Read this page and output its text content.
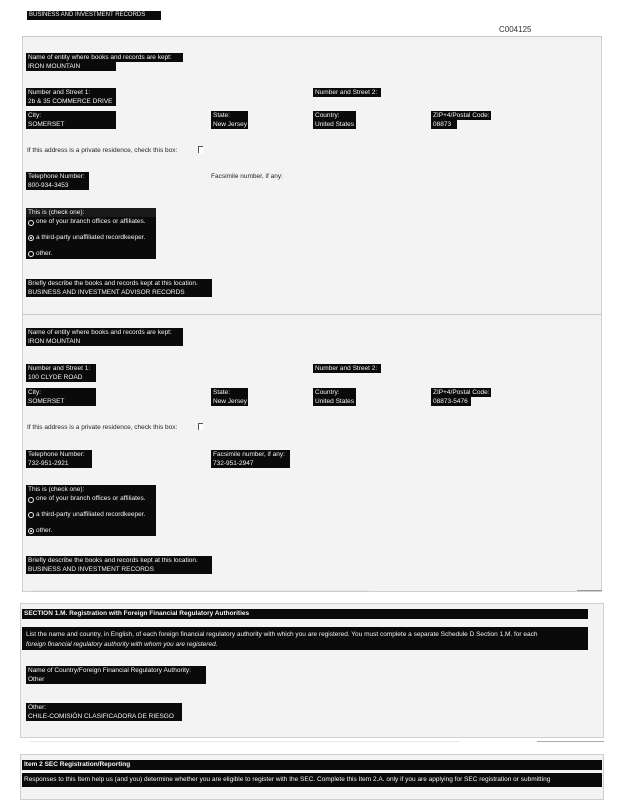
BUSINESS AND INVESTMENT RECORDS
C004125
Name of entity where books and records are kept:
IRON MOUNTAIN
Number and Street 1:
2b & 35 COMMERCE DRIVE
Number and Street 2:
City:
SOMERSET
State:
New Jersey
Country:
United States
ZIP+4/Postal Code:
08873
If this address is a private residence, check this box:
Telephone Number:
800-934-3453
Facsimile number, if any:
This is (check one):
one of your branch offices or affiliates.
a third-party unaffiliated recordkeeper.
other.
Briefly describe the books and records kept at this location.
BUSINESS AND INVESTMENT ADVISOR RECORDS
Name of entity where books and records are kept:
IRON MOUNTAIN
Number and Street 1:
100 CLYDE ROAD
Number and Street 2:
City:
SOMERSET
State:
New Jersey
Country:
United States
ZIP+4/Postal Code:
08873-5476
If this address is a private residence, check this box:
Telephone Number:
732-951-2921
Facsimile number, if any:
732-951-2947
This is (check one):
one of your branch offices or affiliates.
a third-party unaffiliated recordkeeper.
other.
Briefly describe the books and records kept at this location.
BUSINESS AND INVESTMENT RECORDS
SECTION 1.M. Registration with Foreign Financial Regulatory Authorities
List the name and country, in English, of each foreign financial regulatory authority with which you are registered. You must complete a separate Schedule D Section 1.M. for each
foreign financial regulatory authority with whom you are registered.
Name of Country/Foreign Financial Regulatory Authority:
Other
Other:
CHILE-COMISIÓN CLASIFICADORA DE RIESGO
Item 2 SEC Registration/Reporting
Responses to this Item help us (and you) determine whether you are eligible to register with the SEC. Complete this Item 2.A. only if you are applying for SEC registration or submitting
